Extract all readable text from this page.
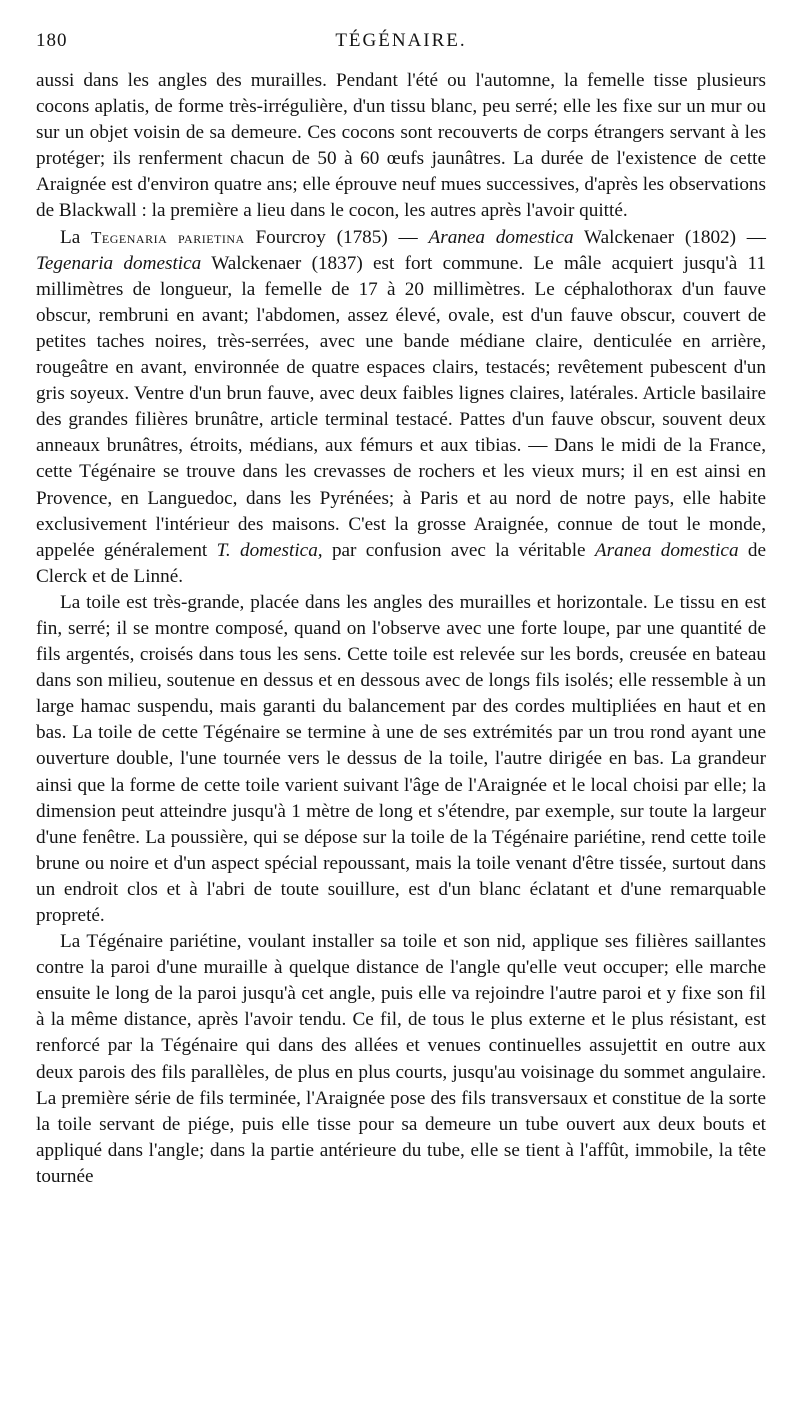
180	TÉGÉNAIRE.

aussi dans les angles des murailles. Pendant l'été ou l'automne, la femelle tisse plusieurs cocons aplatis, de forme très-irrégulière, d'un tissu blanc, peu serré; elle les fixe sur un mur ou sur un objet voisin de sa demeure. Ces cocons sont recouverts de corps étrangers servant à les protéger; ils renferment chacun de 50 à 60 œufs jaunâtres. La durée de l'existence de cette Araignée est d'environ quatre ans; elle éprouve neuf mues successives, d'après les observations de Blackwall : la première a lieu dans le cocon, les autres après l'avoir quitté.

La Tegenaria parietina Fourcroy (1785) — Aranea domestica Walckenaer (1802) — Tegenaria domestica Walckenaer (1837) est fort commune. Le mâle acquiert jusqu'à 11 millimètres de longueur, la femelle de 17 à 20 millimètres. Le céphalothorax d'un fauve obscur, rembruni en avant; l'abdomen, assez élevé, ovale, est d'un fauve obscur, couvert de petites taches noires, très-serrées, avec une bande médiane claire, denticulée en arrière, rougeâtre en avant, environnée de quatre espaces clairs, testacés; revêtement pubescent d'un gris soyeux. Ventre d'un brun fauve, avec deux faibles lignes claires, latérales. Article basilaire des grandes filières brunâtre, article terminal testacé. Pattes d'un fauve obscur, souvent deux anneaux brunâtres, étroits, médians, aux fémurs et aux tibias. — Dans le midi de la France, cette Tégénaire se trouve dans les crevasses de rochers et les vieux murs; il en est ainsi en Provence, en Languedoc, dans les Pyrénées; à Paris et au nord de notre pays, elle habite exclusivement l'intérieur des maisons. C'est la grosse Araignée, connue de tout le monde, appelée généralement T. domestica, par confusion avec la véritable Aranea domestica de Clerck et de Linné.

La toile est très-grande, placée dans les angles des murailles et horizontale. Le tissu en est fin, serré; il se montre composé, quand on l'observe avec une forte loupe, par une quantité de fils argentés, croisés dans tous les sens. Cette toile est relevée sur les bords, creusée en bateau dans son milieu, soutenue en dessus et en dessous avec de longs fils isolés; elle ressemble à un large hamac suspendu, mais garanti du balancement par des cordes multipliées en haut et en bas. La toile de cette Tégénaire se termine à une de ses extrémités par un trou rond ayant une ouverture double, l'une tournée vers le dessus de la toile, l'autre dirigée en bas. La grandeur ainsi que la forme de cette toile varient suivant l'âge de l'Araignée et le local choisi par elle; la dimension peut atteindre jusqu'à 1 mètre de long et s'étendre, par exemple, sur toute la largeur d'une fenêtre. La poussière, qui se dépose sur la toile de la Tégénaire pariétine, rend cette toile brune ou noire et d'un aspect spécial repoussant, mais la toile venant d'être tissée, surtout dans un endroit clos et à l'abri de toute souillure, est d'un blanc éclatant et d'une remarquable propreté.

La Tégénaire pariétine, voulant installer sa toile et son nid, applique ses filières saillantes contre la paroi d'une muraille à quelque distance de l'angle qu'elle veut occuper; elle marche ensuite le long de la paroi jusqu'à cet angle, puis elle va rejoindre l'autre paroi et y fixe son fil à la même distance, après l'avoir tendu. Ce fil, de tous le plus externe et le plus résistant, est renforcé par la Tégénaire qui dans des allées et venues continuelles assujettit en outre aux deux parois des fils parallèles, de plus en plus courts, jusqu'au voisinage du sommet angulaire. La première série de fils terminée, l'Araignée pose des fils transversaux et constitue de la sorte la toile servant de piége, puis elle tisse pour sa demeure un tube ouvert aux deux bouts et appliqué dans l'angle; dans la partie antérieure du tube, elle se tient à l'affût, immobile, la tête tournée
